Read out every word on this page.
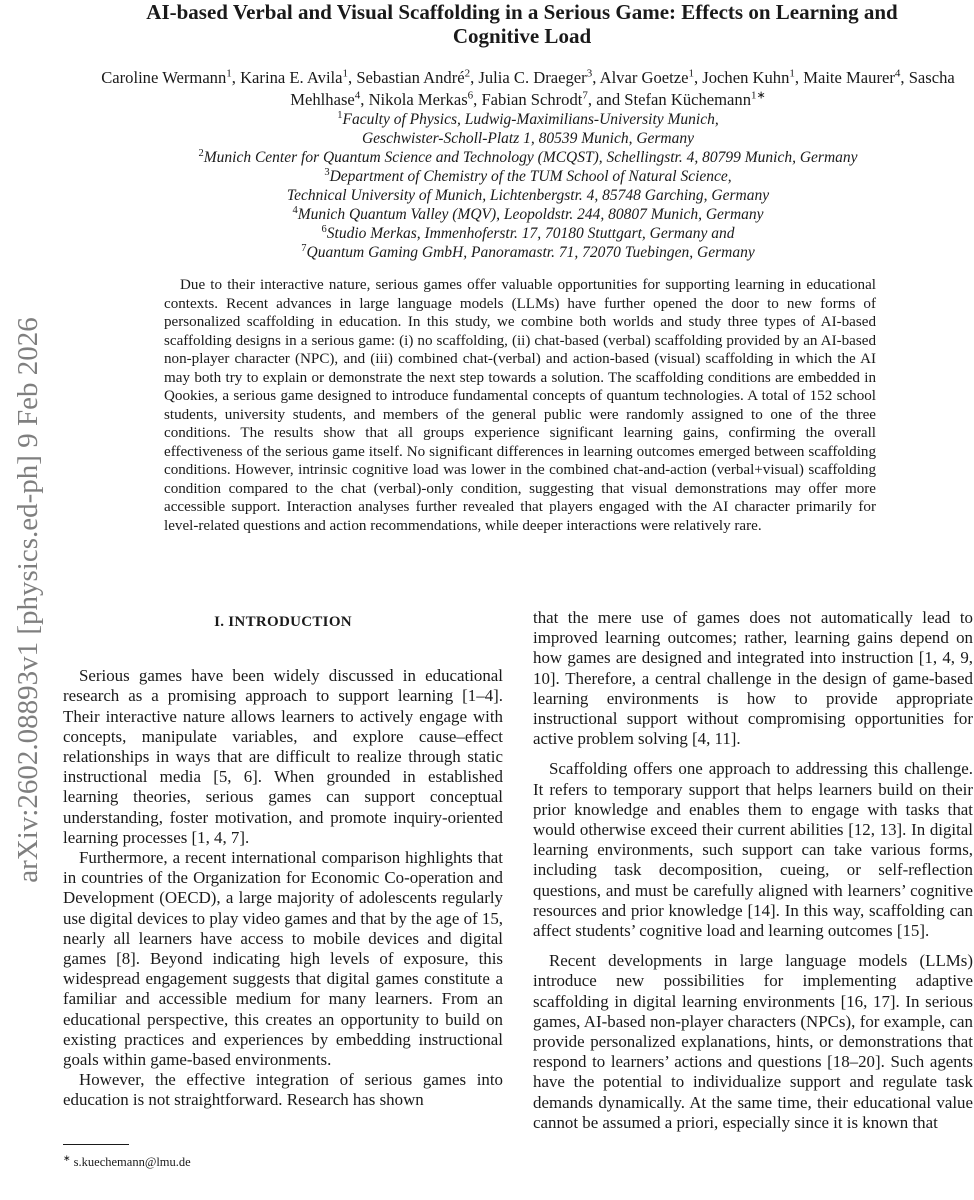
arXiv:2602.08893v1 [physics.ed-ph] 9 Feb 2026
AI-based Verbal and Visual Scaffolding in a Serious Game: Effects on Learning and
Cognitive Load
Caroline Wermann$^1$, Karina E. Avila$^1$, Sebastian André$^2$, Julia C. Draeger$^3$, Alvar Goetze$^1$, Jochen Kuhn$^1$, Maite Maurer$^4$, Sascha Mehlhase$^4$, Nikola Merkas$^6$, Fabian Schrodt$^7$, and Stefan Küchemann$^{1∗}$
$^1$Faculty of Physics, Ludwig-Maximilians-University Munich,
Geschwister-Scholl-Platz 1, 80539 Munich, Germany
$^2$Munich Center for Quantum Science and Technology (MCQST), Schellingstr. 4, 80799 Munich, Germany
$^3$Department of Chemistry of the TUM School of Natural Science,
Technical University of Munich, Lichtenbergstr. 4, 85748 Garching, Germany
$^4$Munich Quantum Valley (MQV), Leopoldstr. 244, 80807 Munich, Germany
$^6$Studio Merkas, Immenhoferstr. 17, 70180 Stuttgart, Germany and
$^7$Quantum Gaming GmbH, Panoramastr. 71, 72070 Tuebingen, Germany
Due to their interactive nature, serious games offer valuable opportunities for supporting learning in educational contexts. Recent advances in large language models (LLMs) have further opened the door to new forms of personalized scaffolding in education. In this study, we combine both worlds and study three types of AI-based scaffolding designs in a serious game: (i) no scaffolding, (ii) chat-based (verbal) scaffolding provided by an AI-based non-player character (NPC), and (iii) combined chat-(verbal) and action-based (visual) scaffolding in which the AI may both try to explain or demonstrate the next step towards a solution. The scaffolding conditions are embedded in Qookies, a serious game designed to introduce fundamental concepts of quantum technologies. A total of 152 school students, university students, and members of the general public were randomly assigned to one of the three conditions. The results show that all groups experience significant learning gains, confirming the overall effectiveness of the serious game itself. No significant differences in learning outcomes emerged between scaffolding conditions. However, intrinsic cognitive load was lower in the combined chat-and-action (verbal+visual) scaffolding condition compared to the chat (verbal)-only condition, suggesting that visual demonstrations may offer more accessible support. Interaction analyses further revealed that players engaged with the AI character primarily for level-related questions and action recommendations, while deeper interactions were relatively rare.
I. INTRODUCTION

Serious games have been widely discussed in educational research as a promising approach to support learning [1–4]. Their interactive nature allows learners to actively engage with concepts, manipulate variables, and explore cause–effect relationships in ways that are difficult to realize through static instructional media [5, 6]. When grounded in established learning theories, serious games can support conceptual understanding, foster motivation, and promote inquiry-oriented learning processes [1, 4, 7].

Furthermore, a recent international comparison highlights that in countries of the Organization for Economic Co-operation and Development (OECD), a large majority of adolescents regularly use digital devices to play video games and that by the age of 15, nearly all learners have access to mobile devices and digital games [8]. Beyond indicating high levels of exposure, this widespread engagement suggests that digital games constitute a familiar and accessible medium for many learners. From an educational perspective, this creates an opportunity to build on existing practices and experiences by embedding instructional goals within game-based environments.

However, the effective integration of serious games into education is not straightforward. Research has shown

that the mere use of games does not automatically lead to improved learning outcomes; rather, learning gains depend on how games are designed and integrated into instruction [1, 4, 9, 10]. Therefore, a central challenge in the design of game-based learning environments is how to provide appropriate instructional support without compromising opportunities for active problem solving [4, 11].

Scaffolding offers one approach to addressing this challenge. It refers to temporary support that helps learners build on their prior knowledge and enables them to engage with tasks that would otherwise exceed their current abilities [12, 13]. In digital learning environments, such support can take various forms, including task decomposition, cueing, or self-reflection questions, and must be carefully aligned with learners’ cognitive resources and prior knowledge [14]. In this way, scaffolding can affect students’ cognitive load and learning outcomes [15].

Recent developments in large language models (LLMs) introduce new possibilities for implementing adaptive scaffolding in digital learning environments [16, 17]. In serious games, AI-based non-player characters (NPCs), for example, can provide personalized explanations, hints, or demonstrations that respond to learners’ actions and questions [18–20]. Such agents have the potential to individualize support and regulate task demands dynamically. At the same time, their educational value cannot be assumed a priori, especially since it is known that

∗ s.kuechemann@lmu.de
